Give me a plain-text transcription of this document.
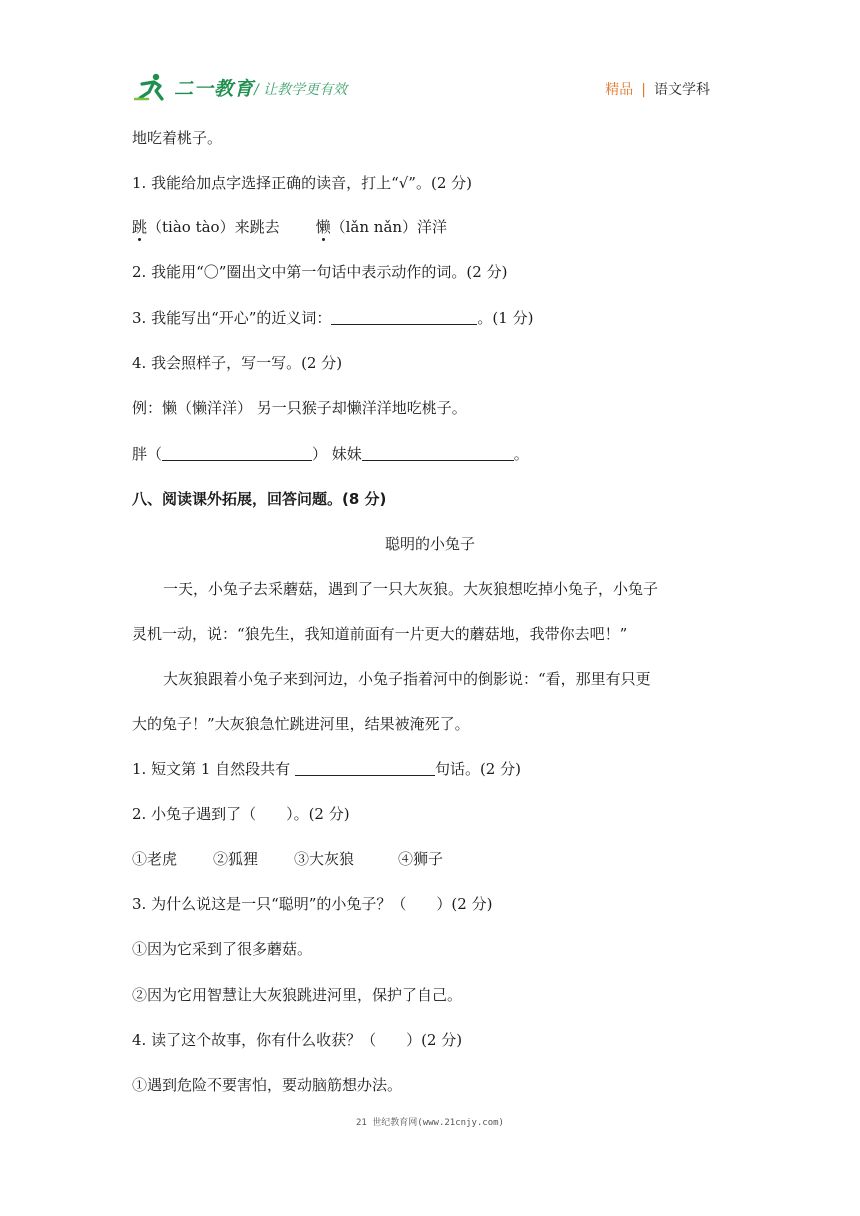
二一教育 / 让教学更有效	精品 | 语文学科
地吃着桃子。
1. 我能给加点字选择正确的读音，打上“√”。(2 分)
跳（tiào tào）来跳去 懒（lǎn nǎn）洋洋
2. 我能用“〇”圈出文中第一句话中表示动作的词。(2 分)
3. 我能写出“开心”的近义词：	。(1 分)
4. 我会照样子，写一写。(2 分)
例：懒（懒洋洋） 另一只猴子却懒洋洋地吃桃子。
胖（	） 妹妹	。
八、阅读课外拓展，回答问题。(8 分)
聪明的小兔子
一天，小兔子去采蘑菇，遇到了一只大灰狼。大灰狼想吃掉小兔子，小兔子
灵机一动，说：“狼先生，我知道前面有一片更大的蘑菇地，我带你去吧！”
大灰狼跟着小兔子来到河边，小兔子指着河中的倒影说：“看，那里有只更
大的兔子！”大灰狼急忙跳进河里，结果被淹死了。
1. 短文第 1 自然段共有	句话。(2 分)
2. 小兔子遇到了（　　）。(2 分)
①老虎 ②狐狸 ③大灰狼	④狮子
3. 为什么说这是一只“聪明”的小兔子？（　　）(2 分)
①因为它采到了很多蘑菇。
②因为它用智慧让大灰狼跳进河里，保护了自己。
4. 读了这个故事，你有什么收获？（　　）(2 分)
①遇到危险不要害怕，要动脑筋想办法。
21 世纪教育网(www.21cnjy.com)
